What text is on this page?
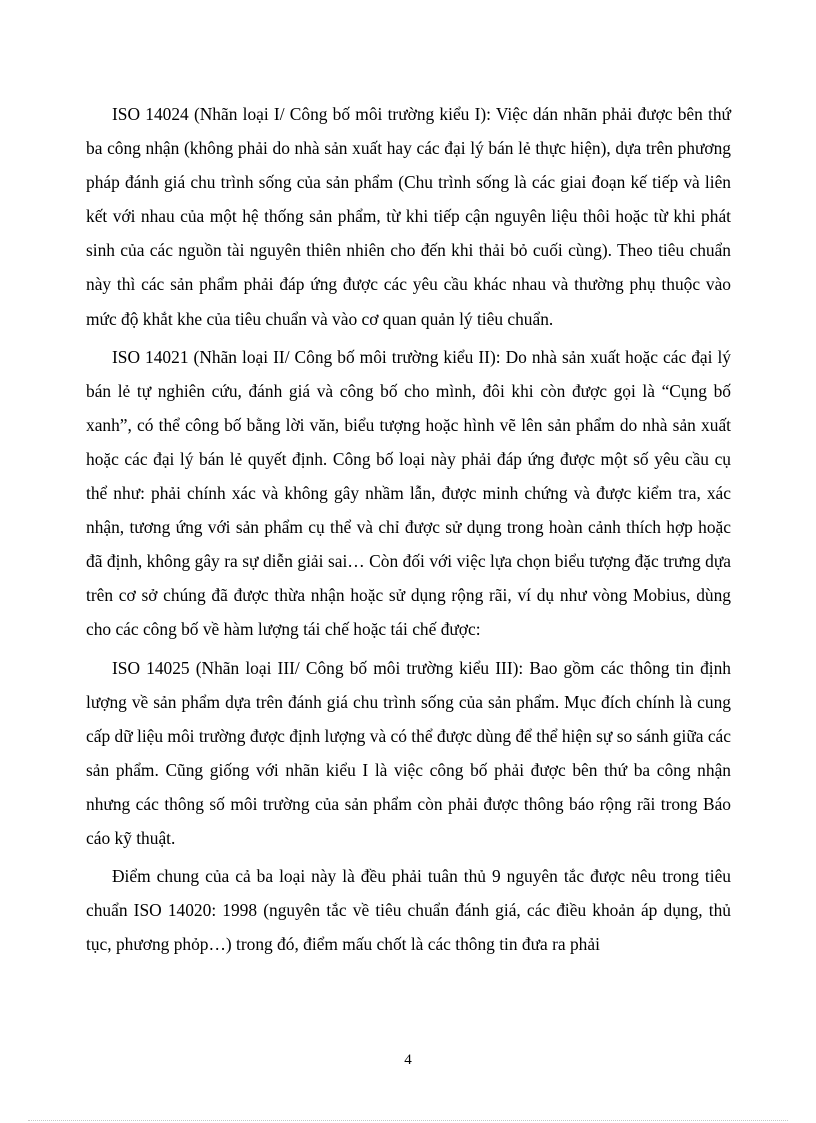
ISO 14024 (Nhãn loại I/ Công bố môi trường kiểu I): Việc dán nhãn phải được bên thứ ba công nhận (không phải do nhà sản xuất hay các đại lý bán lẻ thực hiện), dựa trên phương pháp đánh giá chu trình sống của sản phẩm (Chu trình sống là các giai đoạn kế tiếp và liên kết với nhau của một hệ thống sản phẩm, từ khi tiếp cận nguyên liệu thôi hoặc từ khi phát sinh của các nguồn tài nguyên thiên nhiên cho đến khi thải bỏ cuối cùng). Theo tiêu chuẩn này thì các sản phẩm phải đáp ứng được các yêu cầu khác nhau và thường phụ thuộc vào mức độ khắt khe của tiêu chuẩn và vào cơ quan quản lý tiêu chuẩn.

ISO 14021 (Nhãn loại II/ Công bố môi trường kiểu II): Do nhà sản xuất hoặc các đại lý bán lẻ tự nghiên cứu, đánh giá và công bố cho mình, đôi khi còn được gọi là “Cụng bố xanh”, có thể công bố bằng lời văn, biểu tượng hoặc hình vẽ lên sản phẩm do nhà sản xuất hoặc các đại lý bán lẻ quyết định. Công bố loại này phải đáp ứng được một số yêu cầu cụ thể như: phải chính xác và không gây nhầm lẫn, được minh chứng và được kiểm tra, xác nhận, tương ứng với sản phẩm cụ thể và chỉ được sử dụng trong hoàn cảnh thích hợp hoặc đã định, không gây ra sự diễn giải sai… Còn đối với việc lựa chọn biểu tượng đặc trưng dựa trên cơ sở chúng đã được thừa nhận hoặc sử dụng rộng rãi, ví dụ như vòng Mobius, dùng cho các công bố về hàm lượng tái chế hoặc tái chế được:

ISO 14025 (Nhãn loại III/ Công bố môi trường kiểu III): Bao gồm các thông tin định lượng về sản phẩm dựa trên đánh giá chu trình sống của sản phẩm. Mục đích chính là cung cấp dữ liệu môi trường được định lượng và có thể được dùng để thể hiện sự so sánh giữa các sản phẩm. Cũng giống với nhãn kiểu I là việc công bố phải được bên thứ ba công nhận nhưng các thông số môi trường của sản phẩm còn phải được thông báo rộng rãi trong Báo cáo kỹ thuật.

Điểm chung của cả ba loại này là đều phải tuân thủ 9 nguyên tắc được nêu trong tiêu chuẩn ISO 14020: 1998 (nguyên tắc về tiêu chuẩn đánh giá, các điều khoản áp dụng, thủ tục, phương phỏp…) trong đó, điểm mấu chốt là các thông tin đưa ra phải

4
